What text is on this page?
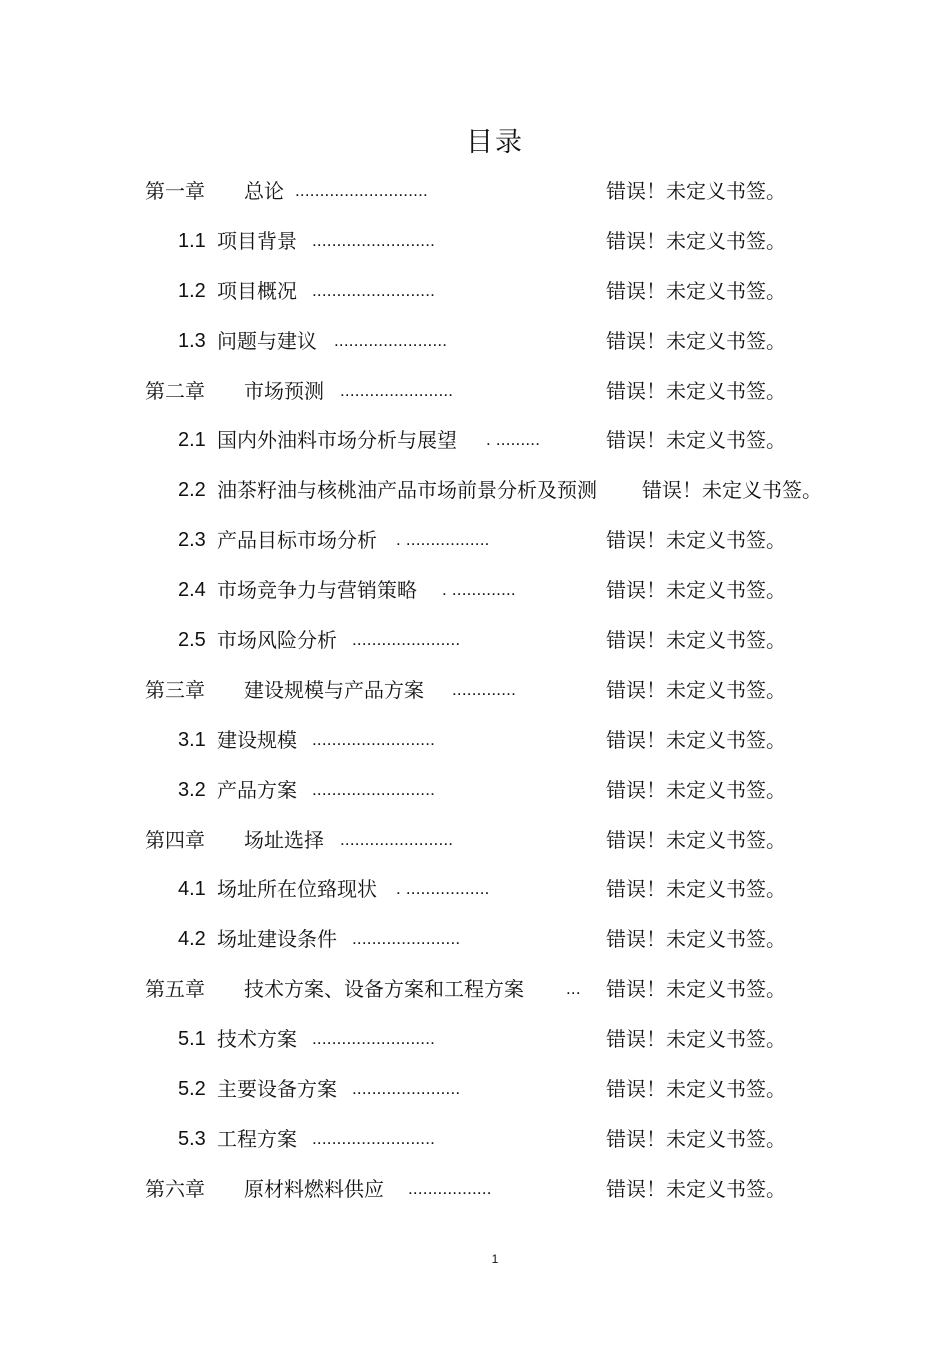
目录
第一章 总论 ...........................	错误！未定义书签。
1.1 项目背景 .........................	错误！未定义书签。
1.2 项目概况 .........................	错误！未定义书签。
1.3 问题与建议 .......................	错误！未定义书签。
第二章 市场预测 .......................	错误！未定义书签。
2.1 国内外油料市场分析与展望 . .........	错误！未定义书签。
2.2 油茶籽油与核桃油产品市场前景分析及预测 错误！未定义书签。
2.3 产品目标市场分析 . .................	错误！未定义书签。
2.4 市场竞争力与营销策略 . .............	错误！未定义书签。
2.5 市场风险分析 ......................	错误！未定义书签。
第三章 建设规模与产品方案 .............	错误！未定义书签。
3.1 建设规模 .........................	错误！未定义书签。
3.2 产品方案 .........................	错误！未定义书签。
第四章 场址选择 .......................	错误！未定义书签。
4.1 场址所在位臵现状 . .................	错误！未定义书签。
4.2 场址建设条件 ......................	错误！未定义书签。
第五章 技术方案、设备方案和工程方案 ... 错误！未定义书签。
5.1 技术方案 .........................	错误！未定义书签。
5.2 主要设备方案 ......................	错误！未定义书签。
5.3 工程方案 .........................	错误！未定义书签。
第六章 原材料燃料供应 .................	错误！未定义书签。
1
